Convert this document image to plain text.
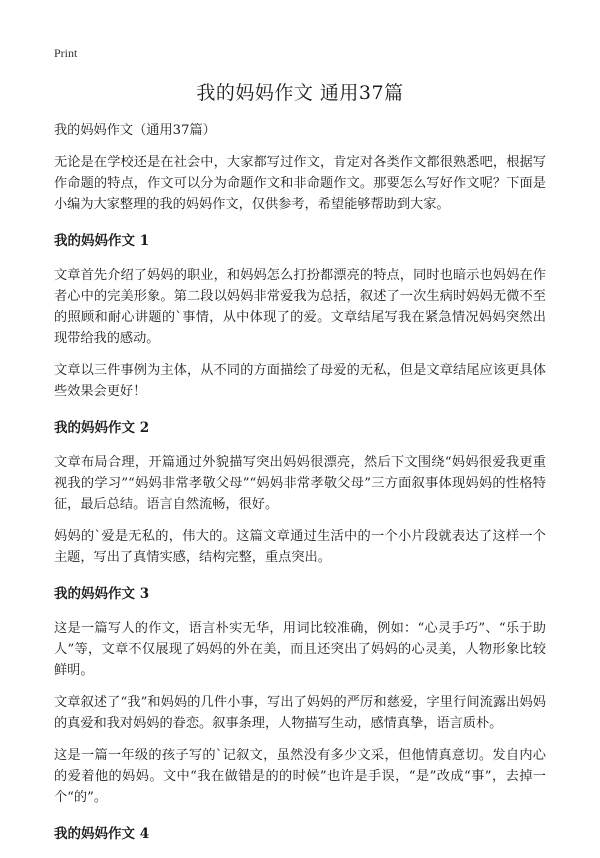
Print
我的妈妈作文 通用37篇
我的妈妈作文（通用37篇）
无论是在学校还是在社会中，大家都写过作文，肯定对各类作文都很熟悉吧，根据写作命题的特点，作文可以分为命题作文和非命题作文。那要怎么写好作文呢？下面是小编为大家整理的我的妈妈作文，仅供参考，希望能够帮助到大家。
我的妈妈作文 1
文章首先介绍了妈妈的职业，和妈妈怎么打扮都漂亮的特点，同时也暗示也妈妈在作者心中的完美形象。第二段以妈妈非常爱我为总括，叙述了一次生病时妈妈无微不至的照顾和耐心讲题的`事情，从中体现了的爱。文章结尾写我在紧急情况妈妈突然出现带给我的感动。
文章以三件事例为主体，从不同的方面描绘了母爱的无私，但是文章结尾应该更具体些效果会更好！
我的妈妈作文 2
文章布局合理，开篇通过外貌描写突出妈妈很漂亮，然后下文围绕“妈妈很爱我更重视我的学习”“妈妈非常孝敬父母”“妈妈非常孝敬父母”三方面叙事体现妈妈的性格特征，最后总结。语言自然流畅，很好。
妈妈的`爱是无私的，伟大的。这篇文章通过生活中的一个小片段就表达了这样一个主题，写出了真情实感，结构完整，重点突出。
我的妈妈作文 3
这是一篇写人的作文，语言朴实无华，用词比较准确，例如：“心灵手巧”、“乐于助人”等，文章不仅展现了妈妈的外在美，而且还突出了妈妈的心灵美，人物形象比较鲜明。
文章叙述了“我”和妈妈的几件小事，写出了妈妈的严厉和慈爱，字里行间流露出妈妈的真爱和我对妈妈的眷恋。叙事条理，人物描写生动，感情真挚，语言质朴。
这是一篇一年级的孩子写的`记叙文，虽然没有多少文采，但他情真意切。发自内心的爱着他的妈妈。文中“我在做错是的的时候”也许是手误，“是”改成“事”，去掉一个“的”。
我的妈妈作文 4
